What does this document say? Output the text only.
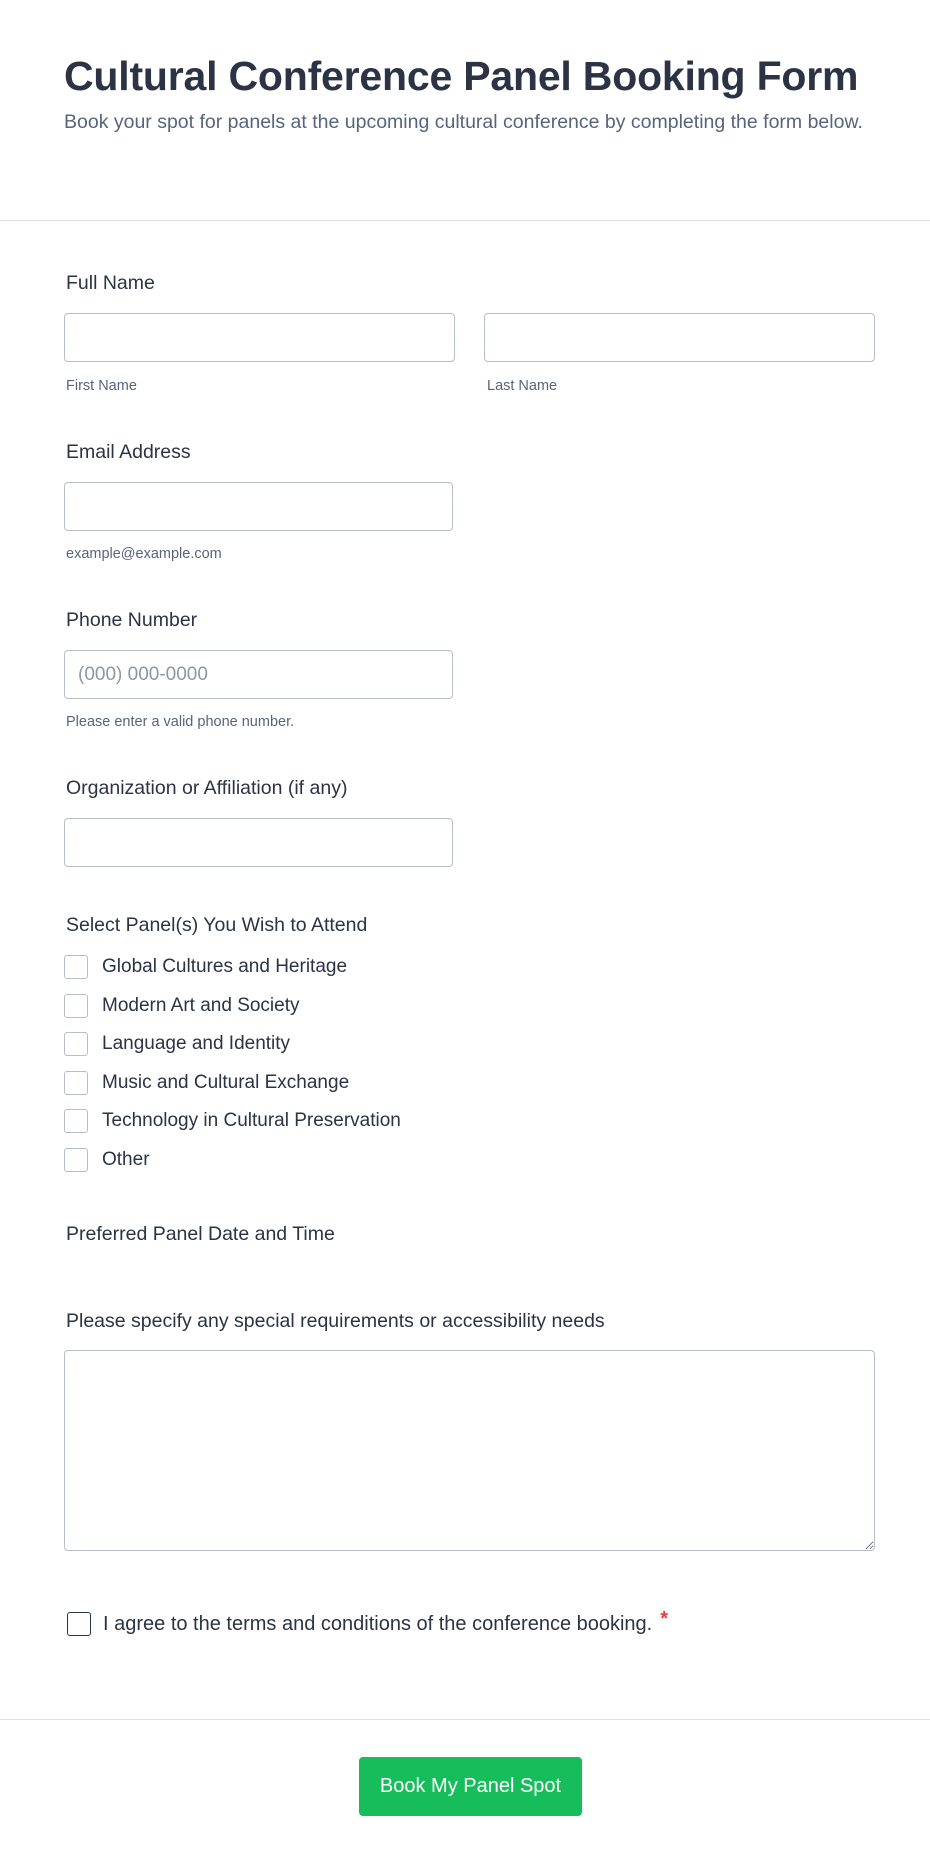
Cultural Conference Panel Booking Form

Book your spot for panels at the upcoming cultural conference by completing the form below.

Full Name
First Name	Last Name
Email Address
example@example.com
Phone Number
(000) 000-0000
Please enter a valid phone number.
Organization or Affiliation (if any)
Select Panel(s) You Wish to Attend
Global Cultures and Heritage
Modern Art and Society
Language and Identity
Music and Cultural Exchange
Technology in Cultural Preservation
Other
Preferred Panel Date and Time
Please specify any special requirements or accessibility needs
I agree to the terms and conditions of the conference booking. *
Book My Panel Spot
